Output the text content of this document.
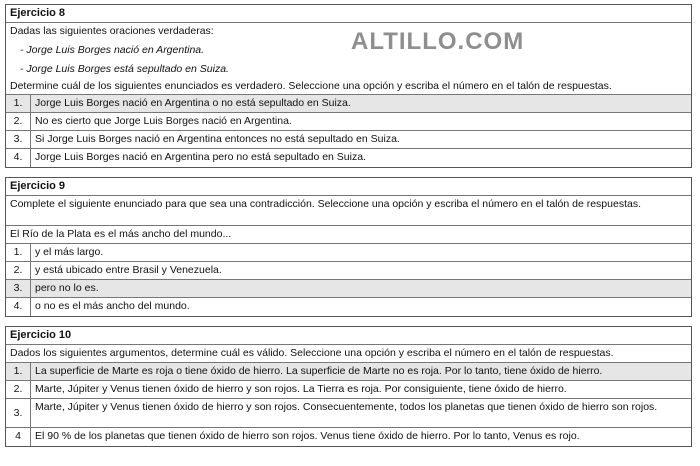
Ejercicio 8
Dadas las siguientes oraciones verdaderas:
- Jorge Luis Borges nació en Argentina.
- Jorge Luis Borges está sepultado en Suiza.
Determine cuál de los siguientes enunciados es verdadero. Seleccione una opción y escriba el número en el talón de respuestas.
1.	Jorge Luis Borges nació en Argentina o no está sepultado en Suiza.
2.	No es cierto que Jorge Luis Borges nació en Argentina.
3.	Si Jorge Luis Borges nació en Argentina entonces no está sepultado en Suiza.
4.	Jorge Luis Borges nació en Argentina pero no está sepultado en Suiza.
Ejercicio 9
Complete el siguiente enunciado para que sea una contradicción. Seleccione una opción y escriba el número en el talón de respuestas.
El Río de la Plata es el más ancho del mundo...
1.	y el más largo.
2.	y está ubicado entre Brasil y Venezuela.
3.	pero no lo es.
4.	o no es el más ancho del mundo.
Ejercicio 10
Dados los siguientes argumentos, determine cuál es válido. Seleccione una opción y escriba el número en el talón de respuestas.
1.	La superficie de Marte es roja o tiene óxido de hierro. La superficie de Marte no es roja. Por lo tanto, tiene óxido de hierro.
2.	Marte, Júpiter y Venus tienen óxido de hierro y son rojos. La Tierra es roja. Por consiguiente, tiene óxido de hierro.
3.	Marte, Júpiter y Venus tienen óxido de hierro y son rojos. Consecuentemente, todos los planetas que tienen óxido de hierro son rojos.
4	El 90 % de los planetas que tienen óxido de hierro son rojos. Venus tiene óxido de hierro. Por lo tanto, Venus es rojo.
ALTILLO.COM
